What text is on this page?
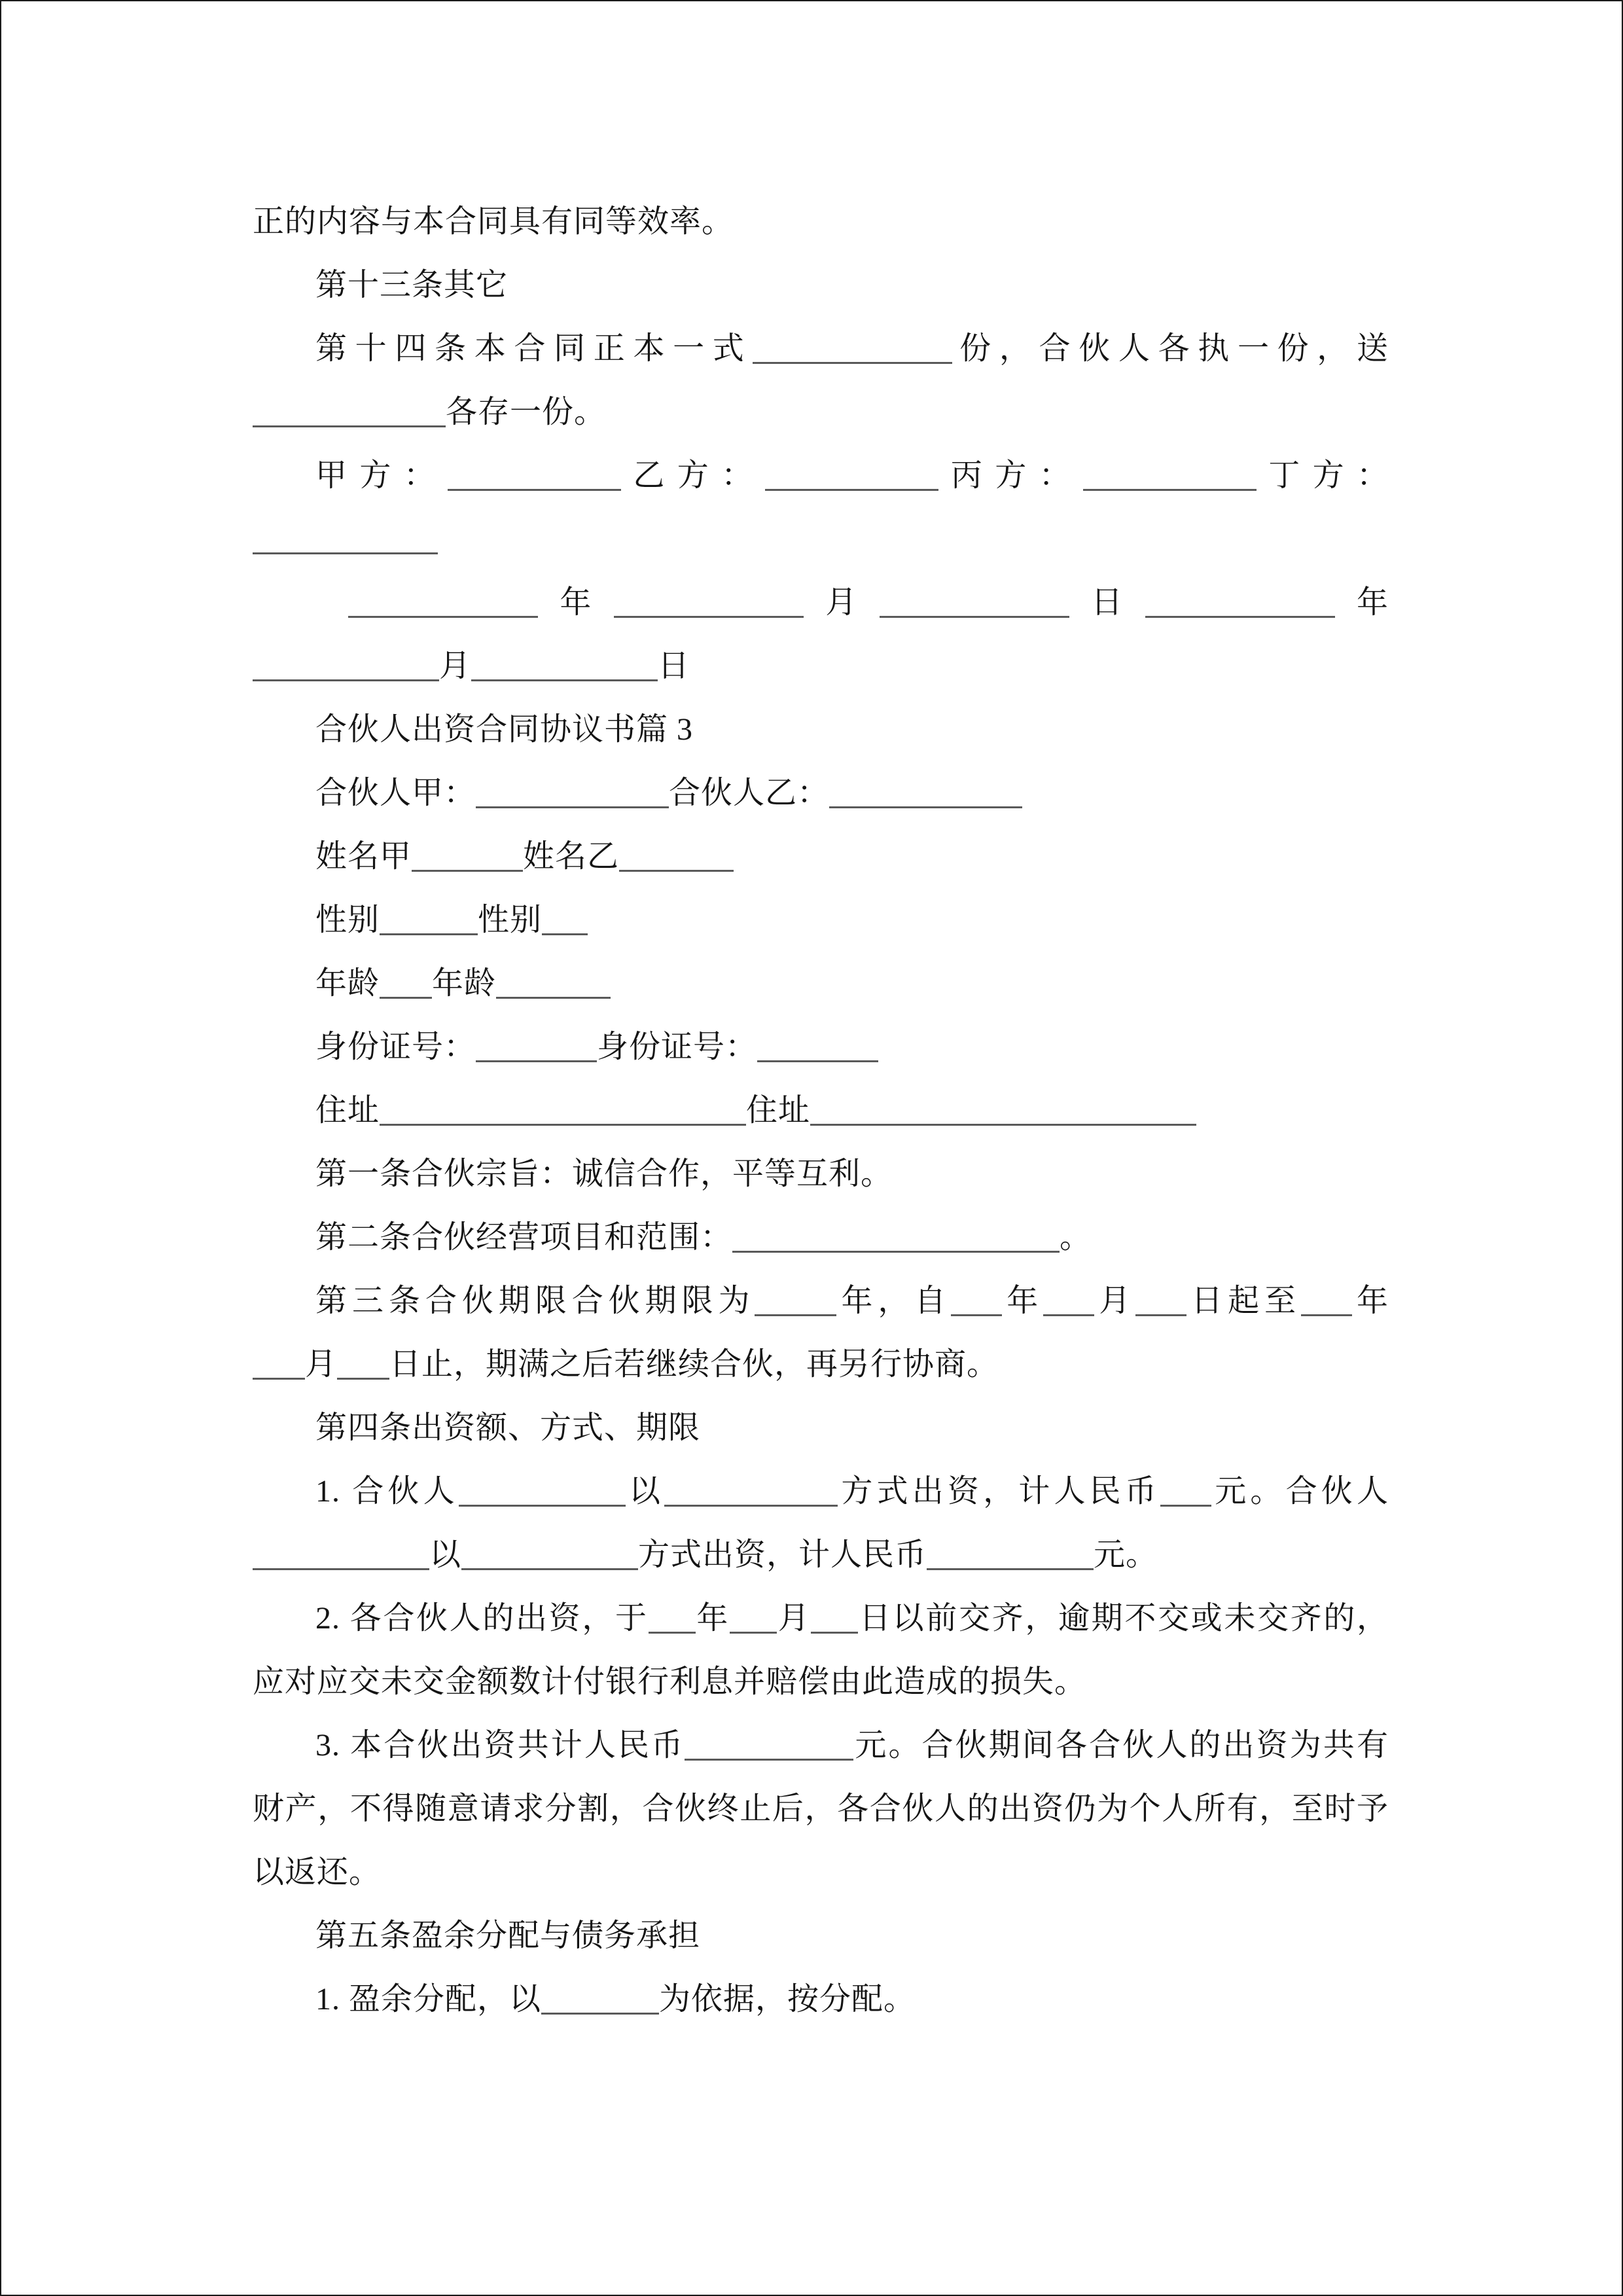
正的内容与本合同具有同等效率。
第十三条其它
第十四条本合同正本一式	份，合伙人各执一份，送
各存一份。
甲方：	乙方：	丙方：	丁方：
年	月	日	年
月	日
合伙人出资合同协议书篇 3
合伙人甲：	合伙人乙：
姓名甲	姓名乙
性别	性别
年龄 年龄
身份证号：	身份证号：
住址	住址
第一条合伙宗旨：诚信合作，平等互利。
第二条合伙经营项目和范围：	。
第三条合伙期限合伙期限为	年，自 年 月 日起至 年
月 日止，期满之后若继续合伙，再另行协商。
第四条出资额、方式、期限
1. 合伙人	以	方式出资，计人民币 元。合伙人
以	方式出资，计人民币	元。
2. 各合伙人的出资，于 年 月 日以前交齐，逾期不交或未交齐的，
应对应交未交金额数计付银行利息并赔偿由此造成的损失。
3. 本合伙出资共计人民币	元。合伙期间各合伙人的出资为共有
财产，不得随意请求分割，合伙终止后，各合伙人的出资仍为个人所有，至时予
以返还。
第五条盈余分配与债务承担
1. 盈余分配，以	为依据，按分配。
